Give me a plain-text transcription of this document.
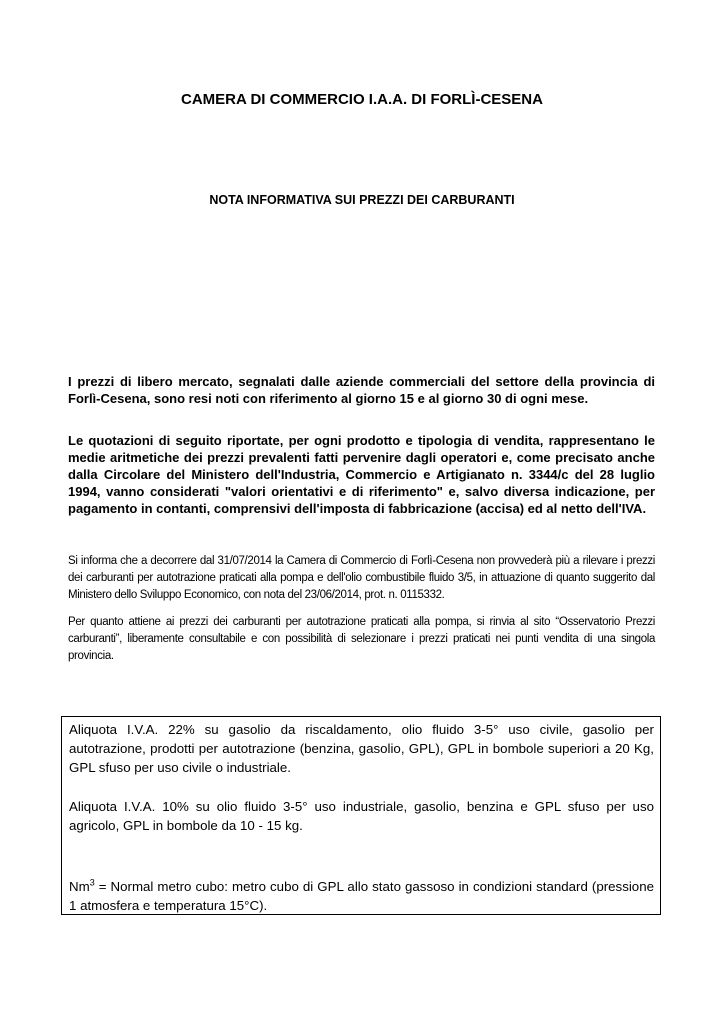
CAMERA DI COMMERCIO I.A.A. DI FORLÌ-CESENA
NOTA INFORMATIVA SUI PREZZI DEI CARBURANTI

I prezzi di libero mercato, segnalati dalle aziende commerciali del settore della provincia di Forlì-Cesena, sono resi noti con riferimento al giorno 15 e al giorno 30 di ogni mese.

Le quotazioni di seguito riportate, per ogni prodotto e tipologia di vendita, rappresentano le medie aritmetiche dei prezzi prevalenti fatti pervenire dagli operatori e, come precisato anche dalla Circolare del Ministero dell'Industria, Commercio e Artigianato n. 3344/c del 28 luglio 1994, vanno considerati "valori orientativi e di riferimento" e, salvo diversa indicazione, per pagamento in contanti, comprensivi dell'imposta di fabbricazione (accisa) ed al netto dell'IVA.

Si informa che a decorrere dal 31/07/2014 la Camera di Commercio di Forlì-Cesena non provvederà più a rilevare i prezzi dei carburanti per autotrazione praticati alla pompa e dell'olio combustibile fluido 3/5, in attuazione di quanto suggerito dal Ministero dello Sviluppo Economico, con nota del 23/06/2014, prot. n. 0115332.

Per quanto attiene ai prezzi dei carburanti per autotrazione praticati alla pompa, si rinvia al sito “Osservatorio Prezzi carburanti”, liberamente consultabile e con possibilità di selezionare i prezzi praticati nei punti vendita di una singola provincia.

Aliquota I.V.A. 22% su gasolio da riscaldamento, olio fluido 3-5° uso civile, gasolio per autotrazione, prodotti per autotrazione (benzina, gasolio, GPL), GPL in bombole superiori a 20 Kg, GPL sfuso per uso civile o industriale.

Aliquota I.V.A. 10% su olio fluido 3-5° uso industriale, gasolio, benzina e GPL sfuso per uso agricolo, GPL in bombole da 10 - 15 kg.

$Nm^3$ = Normal metro cubo: metro cubo di GPL allo stato gassoso in condizioni standard (pressione 1 atmosfera e temperatura 15°C).
